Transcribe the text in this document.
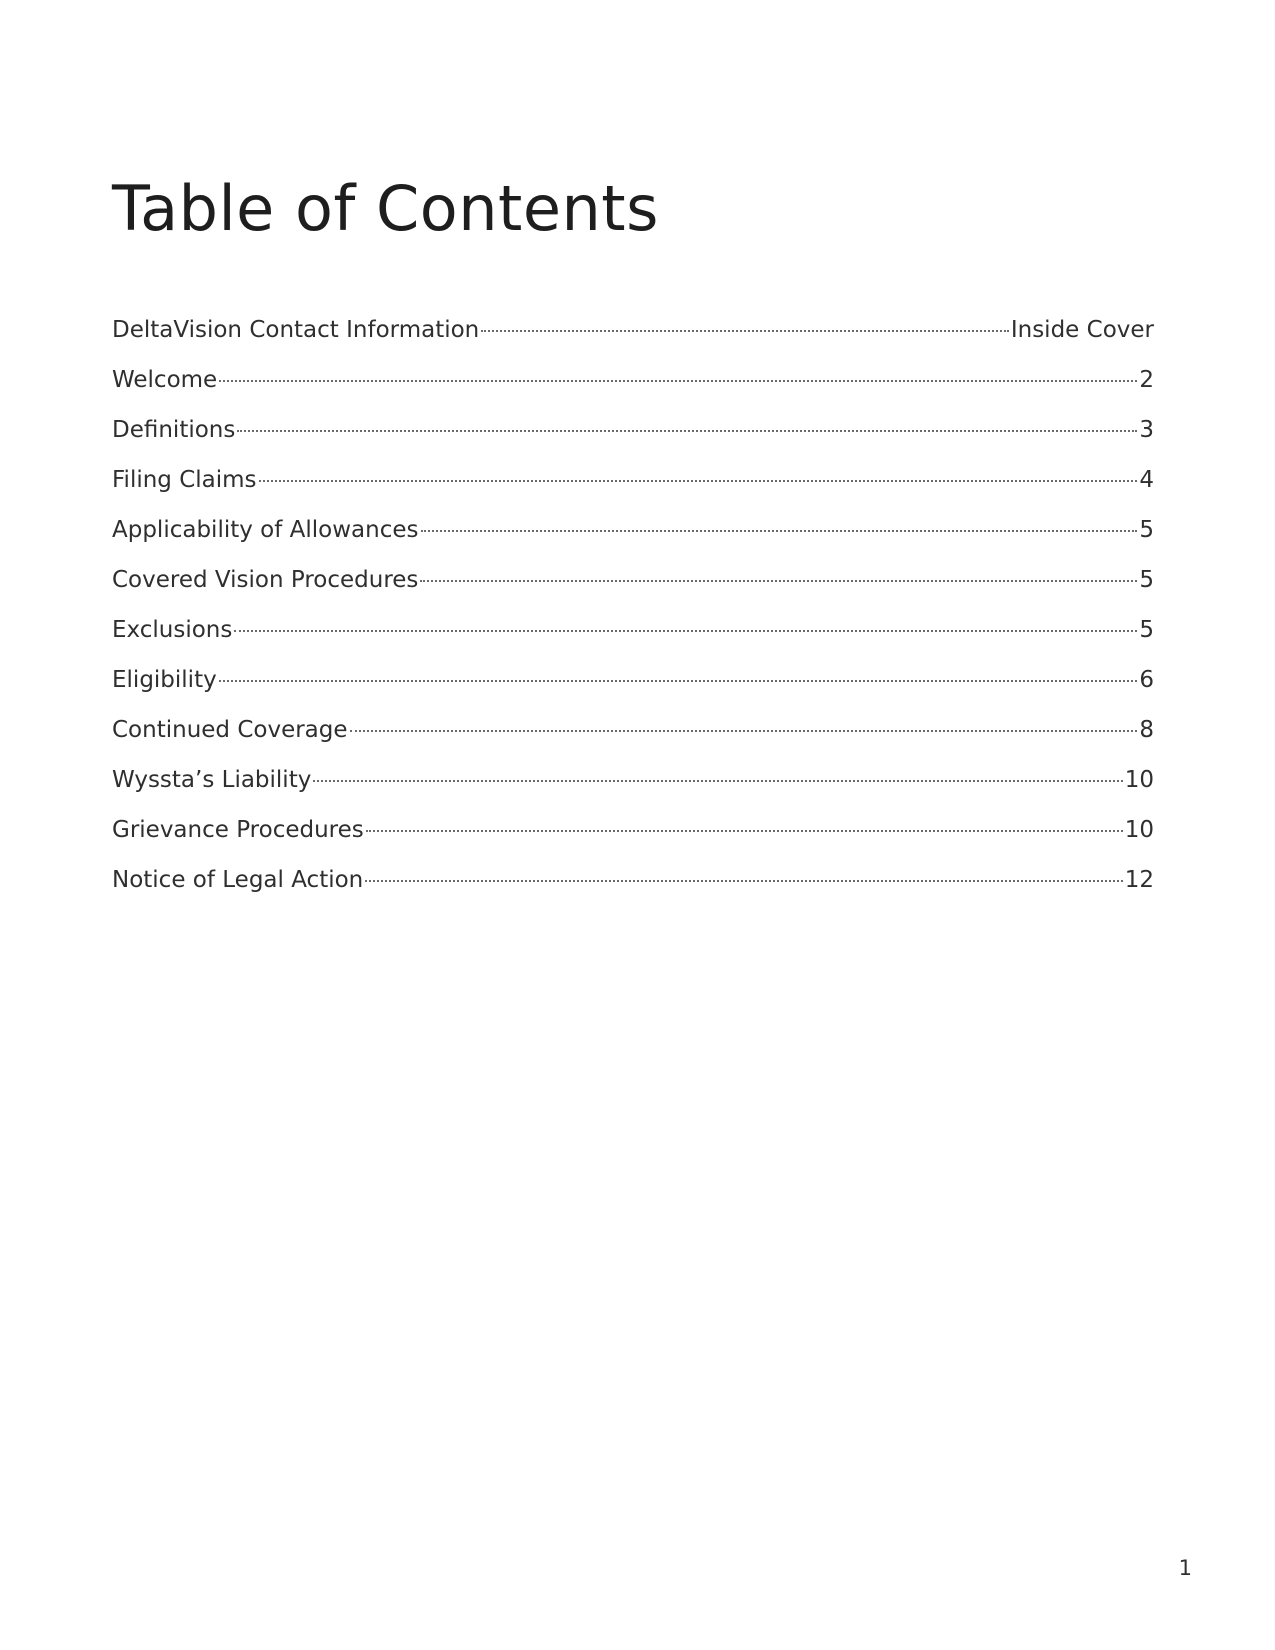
Table of Contents
DeltaVision Contact Information	Inside Cover
Welcome	2
Definitions	3
Filing Claims	4
Applicability of Allowances	5
Covered Vision Procedures	5
Exclusions	5
Eligibility	6
Continued Coverage	8
Wyssta’s Liability	10
Grievance Procedures	10
Notice of Legal Action	12
1
